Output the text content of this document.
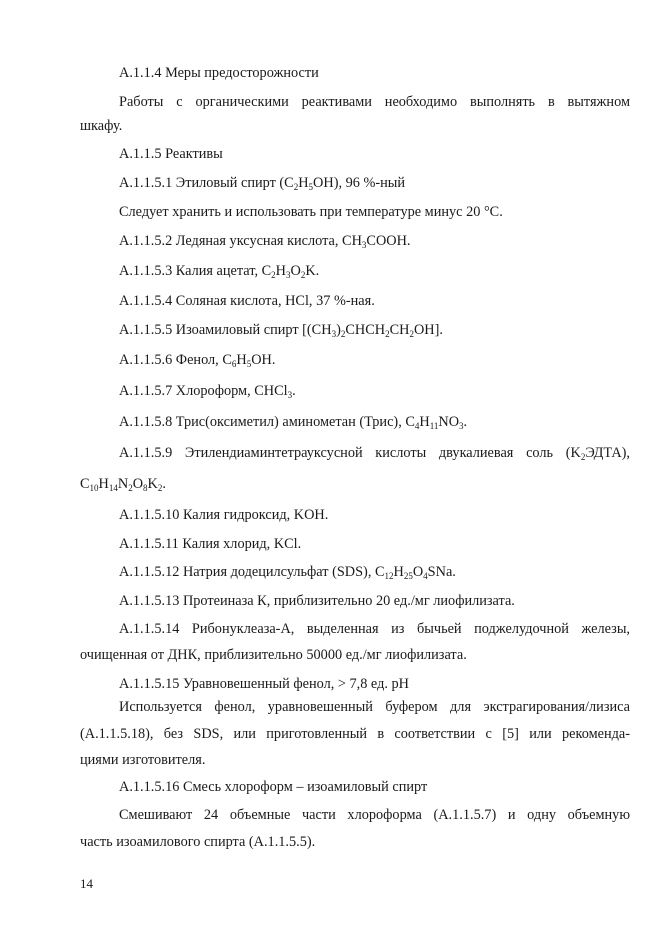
А.1.1.4 Меры предосторожности
Работы с органическими реактивами необходимо выполнять в вытяжном
шкафу.
А.1.1.5 Реактивы
А.1.1.5.1 Этиловый спирт $(C_2H_5OH)$, 96 %-ный
Следует хранить и использовать при температуре минус 20 °С.
А.1.1.5.2 Ледяная уксусная кислота, $CH_3COOH$.
А.1.1.5.3 Калия ацетат, $C_2H_3O_2K$.
А.1.1.5.4 Соляная кислота, HCl, 37 %-ная.
А.1.1.5.5 Изоамиловый спирт $[(CH_3)_2CHCH_2CH_2OH]$.
А.1.1.5.6 Фенол, $C_6H_5OH$.
А.1.1.5.7 Хлороформ, CHCl$_3$.
А.1.1.5.8 Трис(оксиметил) аминометан (Трис), $C_4H_{11}NO_3$.
А.1.1.5.9 Этилендиаминтетрауксусной кислоты двукалиевая соль $(K_2ЭДТА)$,
$C_{10}H_{14}N_2O_8K_2$.
А.1.1.5.10 Калия гидроксид, KOH.
А.1.1.5.11 Калия хлорид, KCl.
А.1.1.5.12 Натрия додецилсульфат (SDS), $C_{12}H_{25}O_4SNa$.
А.1.1.5.13 Протеиназа К, приблизительно 20 ед./мг лиофилизата.
А.1.1.5.14 Рибонуклеаза-А, выделенная из бычьей поджелудочной железы,
очищенная от ДНК, приблизительно 50000 ед./мг лиофилизата.
А.1.1.5.15 Уравновешенный фенол, > 7,8 ед. pH
Используется фенол, уравновешенный буфером для экстрагирования/лизиса
(А.1.1.5.18), без SDS, или приготовленный в соответствии с [5] или рекоменда-
циями изготовителя.
А.1.1.5.16 Смесь хлороформ – изоамиловый спирт
Смешивают 24 объемные части хлороформа (А.1.1.5.7) и одну объемную
часть изоамилового спирта (А.1.1.5.5).
14
